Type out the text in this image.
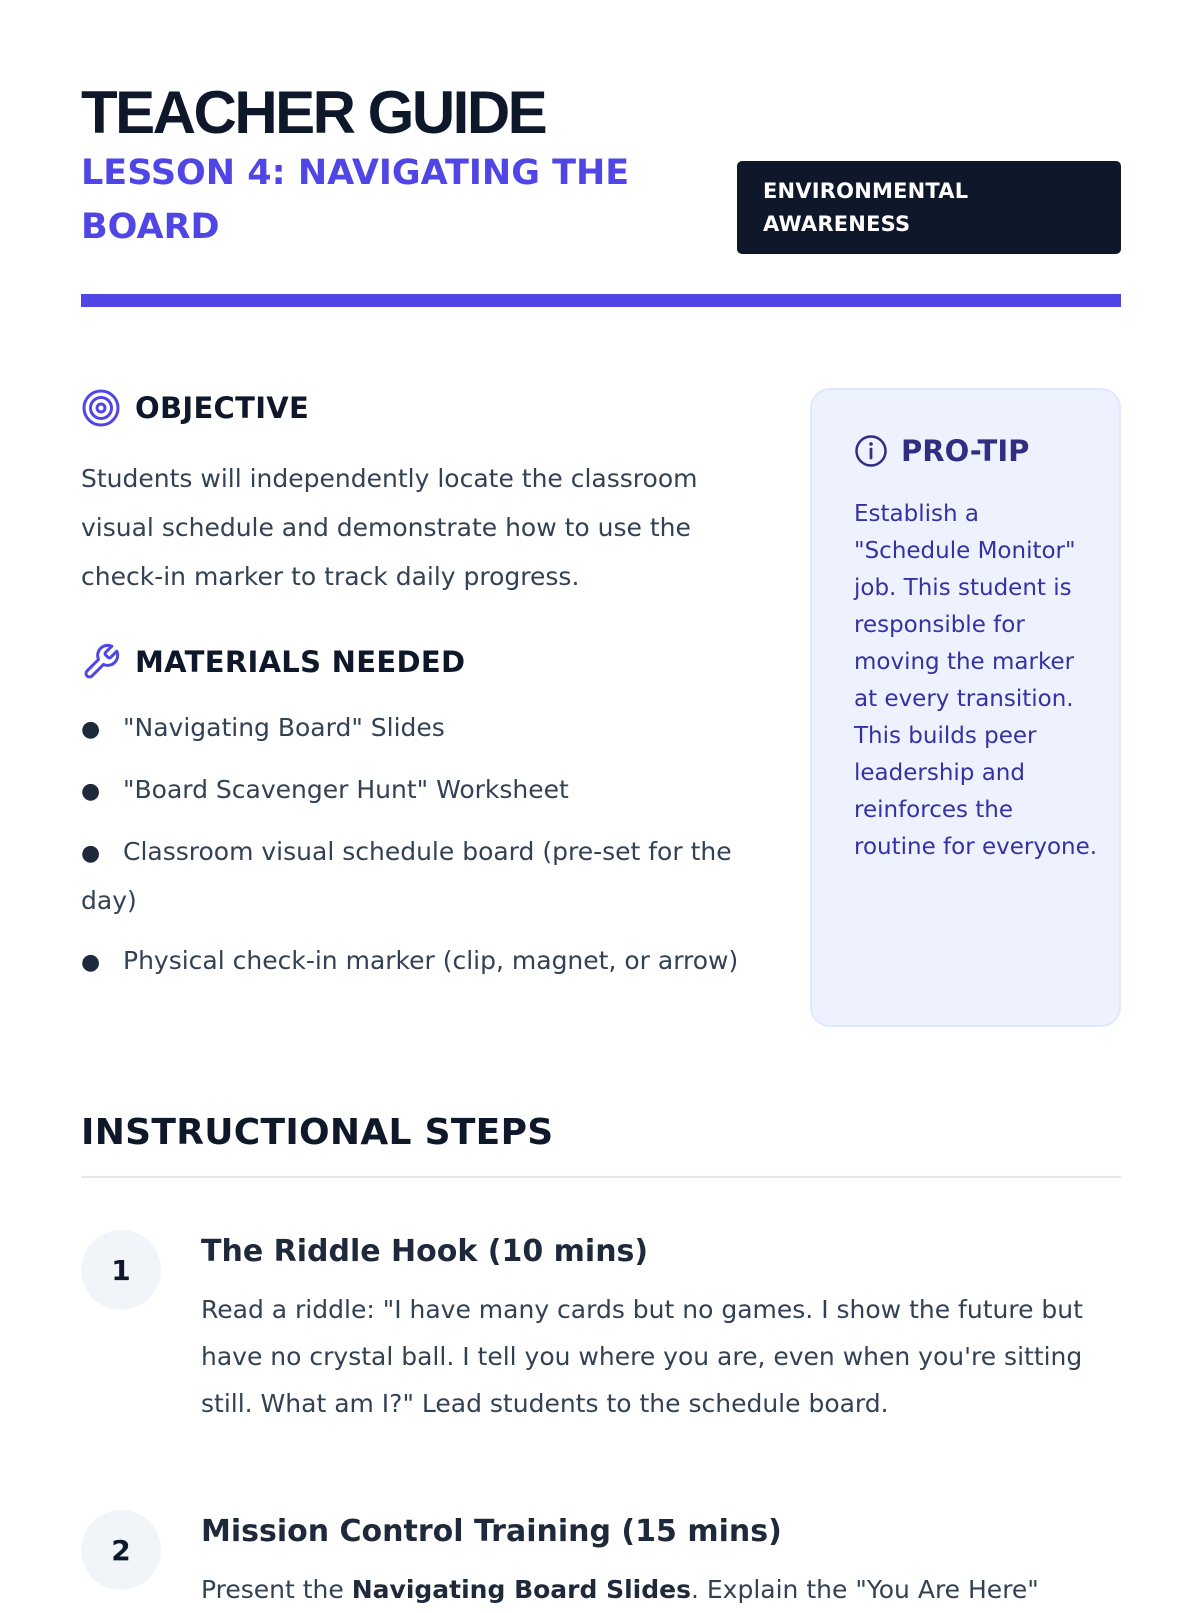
TEACHER GUIDE
LESSON 4: NAVIGATING THE BOARD
ENVIRONMENTAL AWARENESS
OBJECTIVE

Students will independently locate the classroom visual schedule and demonstrate how to use the check-in marker to track daily progress.

MATERIALS NEEDED
● "Navigating Board" Slides
● "Board Scavenger Hunt" Worksheet
● Classroom visual schedule board (pre-set for the day)
● Physical check-in marker (clip, magnet, or arrow)
PRO-TIP

Establish a "Schedule Monitor" job. This student is responsible for moving the marker at every transition. This builds peer leadership and reinforces the routine for everyone.

INSTRUCTIONAL STEPS
1
The Riddle Hook (10 mins)

Read a riddle: "I have many cards but no games. I show the future but have no crystal ball. I tell you where you are, even when you're sitting still. What am I?" Lead students to the schedule board.

2
Mission Control Training (15 mins)

Present the Navigating Board Slides. Explain the "You Are Here"
